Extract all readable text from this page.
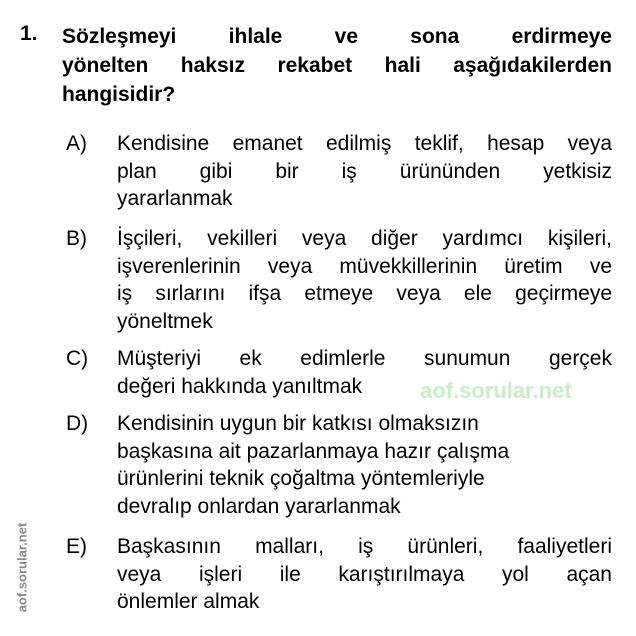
aof.sorular.net
aof.sorular.net
1. Sözleşmeyi ihlale ve sona erdirmeye
yönelten haksız rekabet hali aşağıdakilerden
hangisidir?
A) Kendisine emanet edilmiş teklif, hesap veya
plan gibi bir iş ürününden yetkisiz
yararlanmak
B) İşçileri, vekilleri veya diğer yardımcı kişileri,
işverenlerinin veya müvekkillerinin üretim ve
iş sırlarını ifşa etmeye veya ele geçirmeye
yöneltmek
C) Müşteriyi ek edimlerle sunumun gerçek
değeri hakkında yanıltmak
D) Kendisinin uygun bir katkısı olmaksızın
başkasına ait pazarlanmaya hazır çalışma
ürünlerini teknik çoğaltma yöntemleriyle
devralıp onlardan yararlanmak
E) Başkasının malları, iş ürünleri, faaliyetleri
veya işleri ile karıştırılmaya yol açan
önlemler almak
